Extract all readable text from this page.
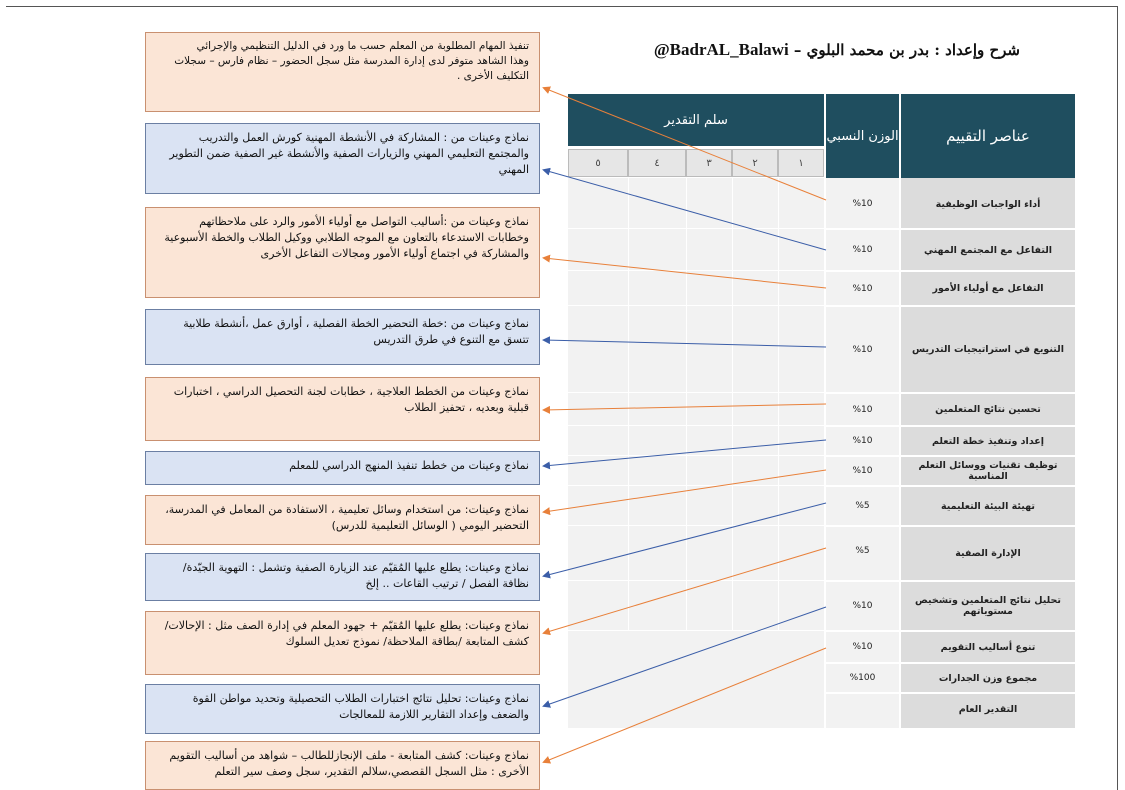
شرح وإعداد : بدر بن محمد البلوي – @BadrAL_Balawi
عناصر التقييم
الوزن النسبي
سلم التقدير
١
٢
٣
٤
٥
أداء الواجبات الوظيفية
%10
التفاعل مع المجتمع المهني
%10
التفاعل مع أولياء الأمور
%10
التنويع في استراتيجيات التدريس
%10
تحسين نتائج المتعلمين
%10
إعداد وتنفيذ خطة التعلم
%10
توظيف تقنيات ووسائل التعلم المناسبة
%10
تهيئة البيئة التعليمية
%5
الإدارة الصفية
%5
تحليل نتائج المتعلمين وتشخيص مستوياتهم
%10
تنوع أساليب التقويم
%10
مجموع وزن الجدارات
%100
التقدير العام
تنفيذ المهام المطلوبة من المعلم حسب ما ورد في الدليل التنظيمي والإجرائي
وهذا الشاهد متوفر لدى إدارة المدرسة مثل سجل الحضور – نظام فارس – سجلات التكليف الأخرى .
نماذج وعينات من : المشاركة في الأنشطة المهنية كورش العمل والتدريب والمجتمع التعليمي المهني والزيارات الصفية والأنشطة غير الصفية ضمن التطوير المهني
نماذج وعينات من :أساليب التواصل مع أولياء الأمور والرد على ملاحظاتهم وخطابات الاستدعاء بالتعاون مع الموجه الطلابي ووكيل الطلاب والخطة الأسبوعية والمشاركة في اجتماع أولياء الأمور ومجالات التفاعل الأخرى
نماذج وعينات من :خطة التحضير الخطة الفصلية ، أوارق عمل ،أنشطة طلابية تتسق مع التنوع في طرق التدريس
نماذج وعينات من الخطط العلاجية ، خطابات لجنة التحصيل الدراسي ، اختبارات قبلية وبعديه ، تحفيز الطلاب
نماذج وعينات من خطط تنفيذ المنهج الدراسي للمعلم
نماذج وعينات: من استخدام وسائل تعليمية ، الاستفادة من المعامل في المدرسة، التحضير اليومي ( الوسائل التعليمية للدرس)
نماذج وعينات: يطلع عليها المُقيّم عند الزيارة الصفية وتشمل : التهوية الجيّدة/ نظافة الفصل / ترتيب القاعات .. إلخ
نماذج وعينات: يطلع عليها المُقيّم + جهود المعلم في إدارة الصف مثل : الإحالات/ كشف المتابعة /بطاقة الملاحظة/ نموذج تعديل السلوك
نماذج وعينات: تحليل نتائج اختبارات الطلاب التحصيلية وتحديد مواطن القوة والضعف وإعداد التقارير اللازمة للمعالجات
نماذج وعينات: كشف المتابعة - ملف الإنجازللطالب – شواهد من أساليب التقويم الأخرى : مثل السجل القصصي،سلالم التقدير، سجل وصف سير التعلم
